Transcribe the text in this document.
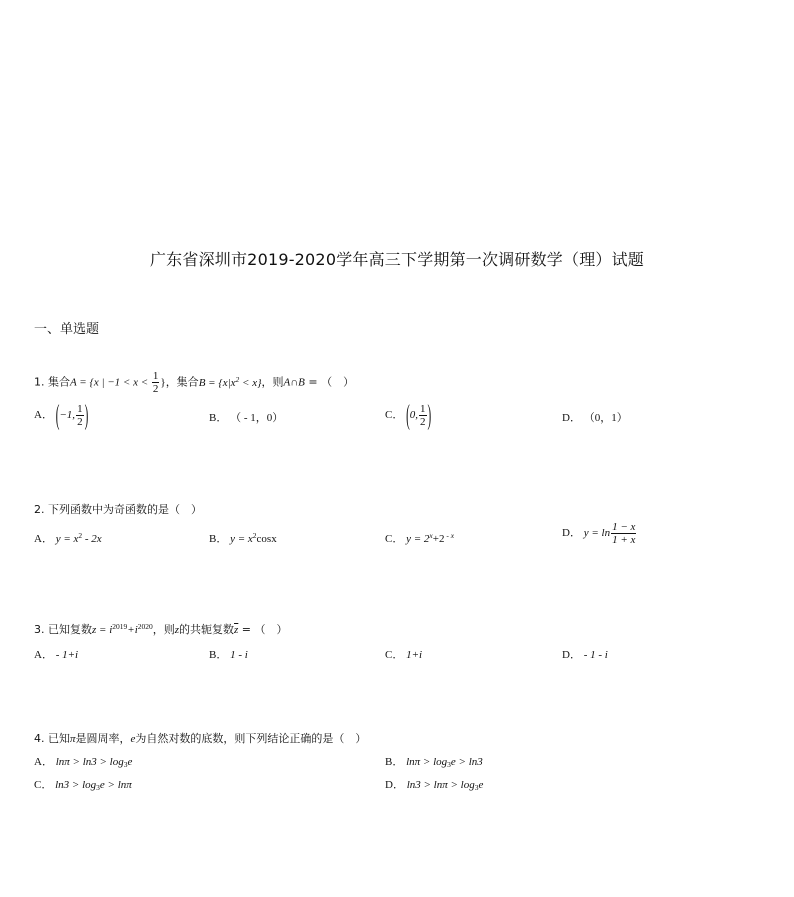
广东省深圳市2019-2020学年高三下学期第一次调研数学（理）试题
一、单选题
1. 集合A = {x | $-1 < x < \frac{1}{2}$ }，集合$B = \{x|x^2 < x\}$，则A∩B = （　）
A． (−1, $\frac{1}{2}$ )	B． （ - 1，0）	C． (0, $\frac{1}{2}$ )	D． （0，1）
2. 下列函数中为奇函数的是（　）
A． $y = x^2 - 2x$	B． $y = x^2\cos x$	C． $y = 2^x+2$ $^{- x}$	D． $y = \ln \frac{1 - x}{1 + x}$
3. 已知复数$z = i^{2019}+i^{2020}$，则z的共轭复数$\overline{z}$ = （　）
A． - 1+i	B． 1 - i	C． 1+i	D． - 1 - i
4. 已知π是圆周率，e为自然对数的底数，则下列结论正确的是（　）
A． $\ln\pi > \ln 3 > \log_3e$	B． $\ln\pi > \log_3e > \ln 3$
C． $\ln 3 > \log_3e > \ln\pi$	D． $\ln 3 > \ln\pi > \log_3e$
